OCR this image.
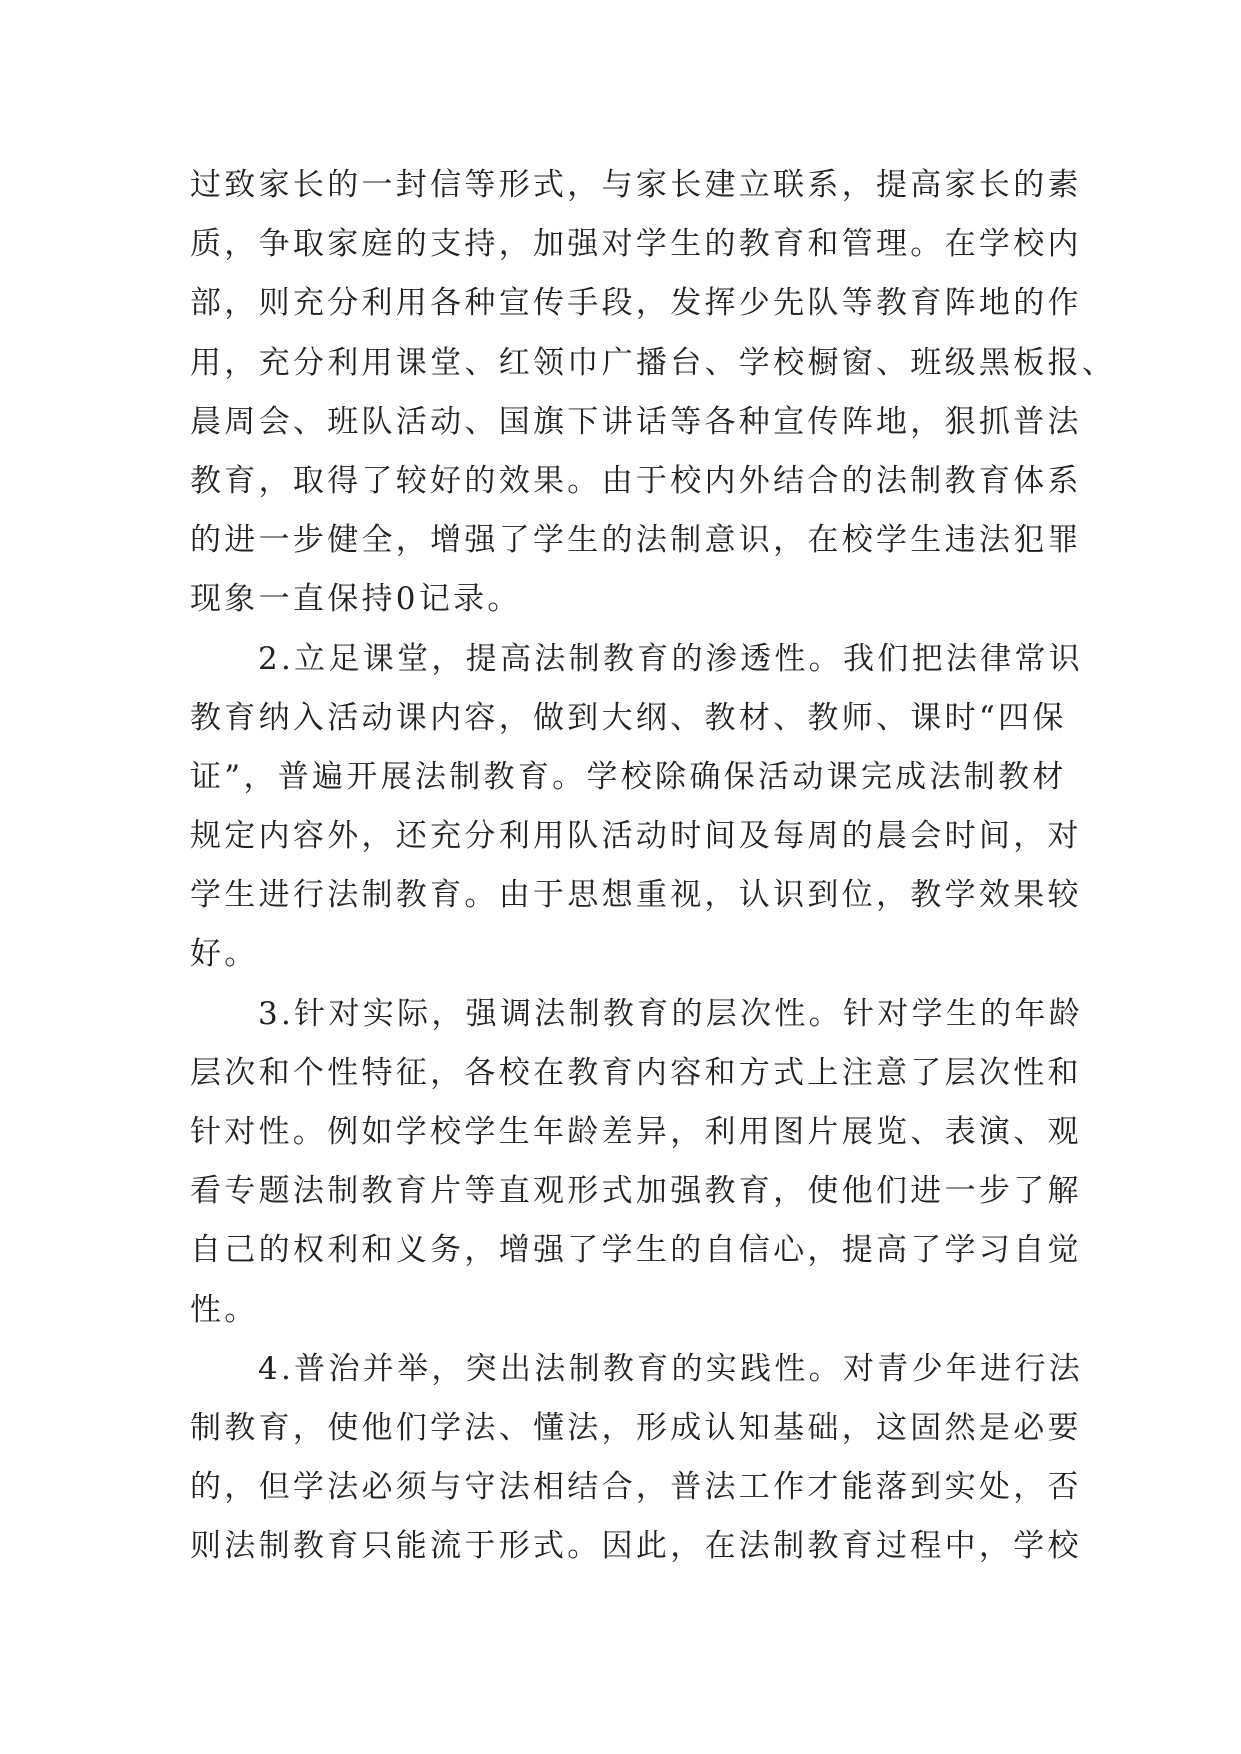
过致家长的一封信等形式，与家长建立联系，提高家长的素
质，争取家庭的支持，加强对学生的教育和管理。在学校内
部，则充分利用各种宣传手段，发挥少先队等教育阵地的作
用，充分利用课堂、红领巾广播台、学校橱窗、班级黑板报、
晨周会、班队活动、国旗下讲话等各种宣传阵地，狠抓普法
教育，取得了较好的效果。由于校内外结合的法制教育体系
的进一步健全，增强了学生的法制意识，在校学生违法犯罪
现象一直保持0记录。
2.立足课堂，提高法制教育的渗透性。我们把法律常识
教育纳入活动课内容，做到大纲、教材、教师、课时“四保
证”，普遍开展法制教育。学校除确保活动课完成法制教材
规定内容外，还充分利用队活动时间及每周的晨会时间，对
学生进行法制教育。由于思想重视，认识到位，教学效果较
好。
3.针对实际，强调法制教育的层次性。针对学生的年龄
层次和个性特征，各校在教育内容和方式上注意了层次性和
针对性。例如学校学生年龄差异，利用图片展览、表演、观
看专题法制教育片等直观形式加强教育，使他们进一步了解
自己的权利和义务，增强了学生的自信心，提高了学习自觉
性。
4.普治并举，突出法制教育的实践性。对青少年进行法
制教育，使他们学法、懂法，形成认知基础，这固然是必要
的，但学法必须与守法相结合，普法工作才能落到实处，否
则法制教育只能流于形式。因此，在法制教育过程中，学校
